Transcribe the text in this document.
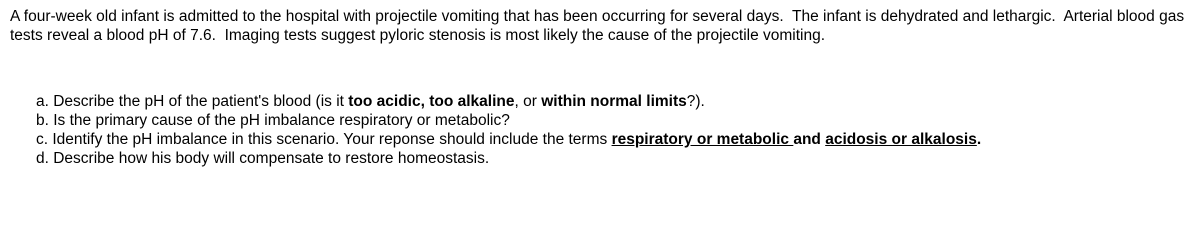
A four-week old infant is admitted to the hospital with projectile vomiting that has been occurring for several days. The infant is dehydrated and lethargic. Arterial blood gas tests reveal a blood pH of 7.6. Imaging tests suggest pyloric stenosis is most likely the cause of the projectile vomiting.

a. Describe the pH of the patient's blood (is it too acidic, too alkaline, or within normal limits?).
b. Is the primary cause of the pH imbalance respiratory or metabolic?
c. Identify the pH imbalance in this scenario. Your reponse should include the terms respiratory or metabolic and acidosis or alkalosis.
d. Describe how his body will compensate to restore homeostasis.
